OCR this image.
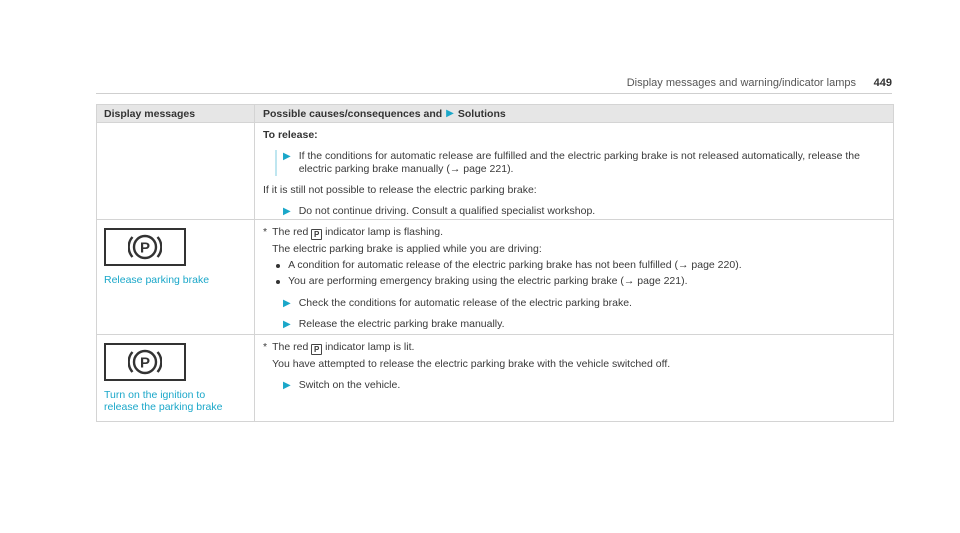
Display messages and warning/indicator lamps 449
Display messages	Possible causes/consequences and ▶ Solutions
To release:
▶ If the conditions for automatic release are fulfilled and the electric parking brake is not released automatically, release the electric parking brake manually (→ page 221).
If it is still not possible to release the electric parking brake:
▶ Do not continue driving. Consult a qualified specialist workshop.
P
Release parking brake
* The red P indicator lamp is flashing.
The electric parking brake is applied while you are driving:
A condition for automatic release of the electric parking brake has not been fulfilled (→ page 220).
You are performing emergency braking using the electric parking brake (→ page 221).
▶ Check the conditions for automatic release of the electric parking brake.
▶ Release the electric parking brake manually.
P
Turn on the ignition to
release the parking brake
* The red P indicator lamp is lit.
You have attempted to release the electric parking brake with the vehicle switched off.
▶ Switch on the vehicle.
